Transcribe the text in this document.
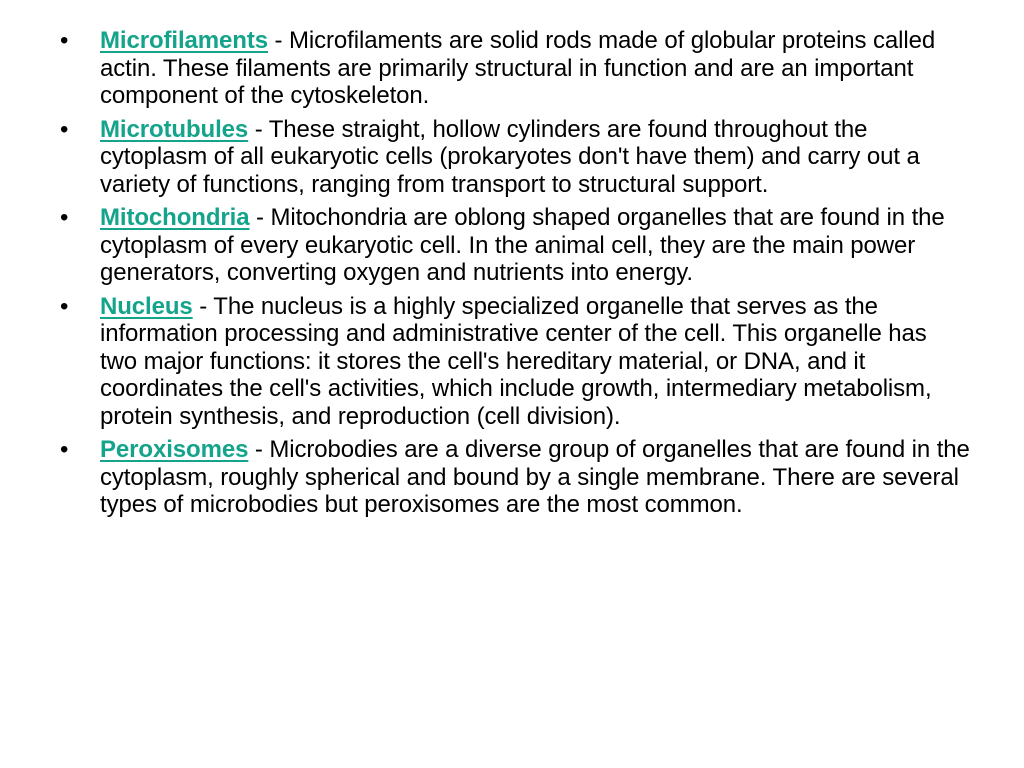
•	Microfilaments - Microfilaments are solid rods made of globular proteins called actin. These filaments are primarily structural in function and are an important component of the cytoskeleton.
•	Microtubules - These straight, hollow cylinders are found throughout the cytoplasm of all eukaryotic cells (prokaryotes don't have them) and carry out a variety of functions, ranging from transport to structural support.
•	Mitochondria - Mitochondria are oblong shaped organelles that are found in the cytoplasm of every eukaryotic cell. In the animal cell, they are the main power generators, converting oxygen and nutrients into energy.
•	Nucleus - The nucleus is a highly specialized organelle that serves as the information processing and administrative center of the cell. This organelle has two major functions: it stores the cell's hereditary material, or DNA, and it coordinates the cell's activities, which include growth, intermediary metabolism, protein synthesis, and reproduction (cell division).
•	Peroxisomes - Microbodies are a diverse group of organelles that are found in the cytoplasm, roughly spherical and bound by a single membrane. There are several types of microbodies but peroxisomes are the most common.
